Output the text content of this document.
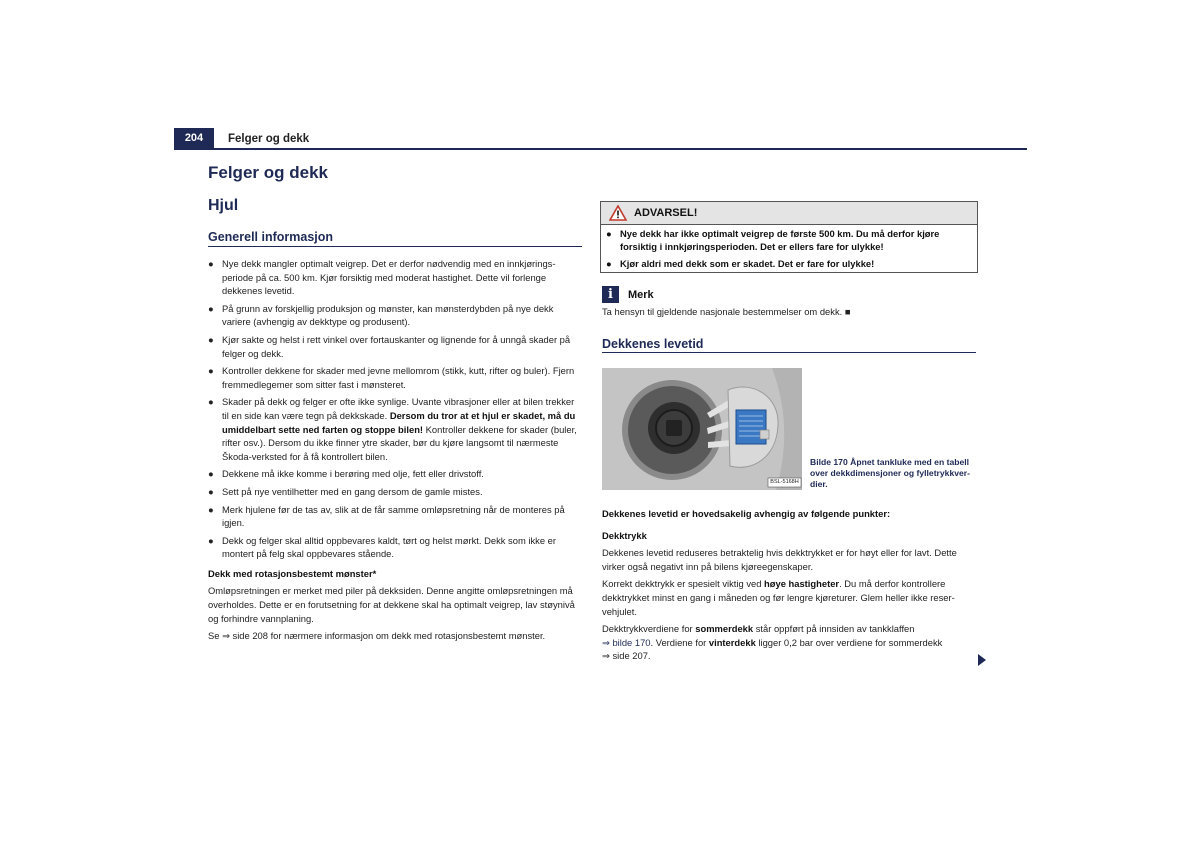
204	Felger og dekk
Felger og dekk
Hjul
Generell informasjon

● Nye dekk mangler optimalt veigrep. Det er derfor nødvendig med en innkjørings-periode på ca. 500 km. Kjør forsiktig med moderat hastighet. Dette vil forlenge dekkenes levetid.

● På grunn av forskjellig produksjon og mønster, kan mønsterdybden på nye dekk variere (avhengig av dekktype og produsent).

● Kjør sakte og helst i rett vinkel over fortauskanter og lignende for å unngå skader på felger og dekk.

● Kontroller dekkene for skader med jevne mellomrom (stikk, kutt, rifter og buler). Fjern fremmedlegemer som sitter fast i mønsteret.

● Skader på dekk og felger er ofte ikke synlige. Uvante vibrasjoner eller at bilen trekker til en side kan være tegn på dekkskade. Dersom du tror at et hjul er skadet, må du umiddelbart sette ned farten og stoppe bilen! Kontroller dekkene for skader (buler, rifter osv.). Dersom du ikke finner ytre skader, bør du kjøre langsomt til nærmeste Škoda-verksted for å få kontrollert bilen.

● Dekkene må ikke komme i berøring med olje, fett eller drivstoff.

● Sett på nye ventilhetter med en gang dersom de gamle mistes.

● Merk hjulene før de tas av, slik at de får samme omløpsretning når de monteres på igjen.

● Dekk og felger skal alltid oppbevares kaldt, tørt og helst mørkt. Dekk som ikke er montert på felg skal oppbevares stående.

Dekk med rotasjonsbestemt mønster*

Omløpsretningen er merket med piler på dekksiden. Denne angitte omløpsretningen må overholdes. Dette er en forutsetning for at dekkene skal ha optimalt veigrep, lav støynivå og forhindre vannplaning.

Se ⇒ side 208 for nærmere informasjon om dekk med rotasjonsbestemt mønster.

ADVARSEL!

● Nye dekk har ikke optimalt veigrep de første 500 km. Du må derfor kjøre forsiktig i innkjøringsperioden. Det er ellers fare for ulykke!

● Kjør aldri med dekk som er skadet. Det er fare for ulykke!

i	Merk
Ta hensyn til gjeldende nasjonale bestemmelser om dekk. ■
Dekkenes levetid
BSL-5168H
Bilde 170 Åpnet tankluke med en tabell over dekkdimensjoner og fylletrykkver-dier.

Dekkenes levetid er hovedsakelig avhengig av følgende punkter:

Dekktrykk

Dekkenes levetid reduseres betraktelig hvis dekktrykket er for høyt eller for lavt. Dette virker også negativt inn på bilens kjøreegenskaper.

Korrekt dekktrykk er spesielt viktig ved høye hastigheter. Du må derfor kontrollere dekktrykket minst en gang i måneden og før lengre kjøreturer. Glem heller ikke reser-vehjulet.

Dekktrykkverdiene for sommerdekk står oppført på innsiden av tankklaffen
⇒ bilde 170. Verdiene for vinterdekk ligger 0,2 bar over verdiene for sommerdekk
⇒ side 207.
